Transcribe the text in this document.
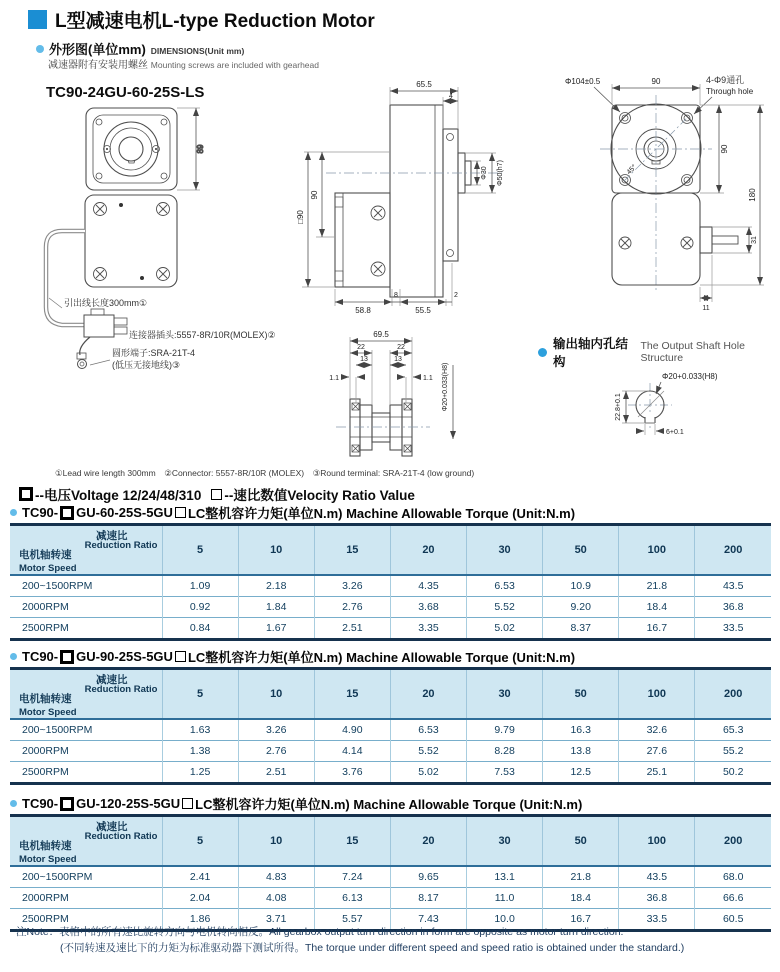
L型减速电机L-type Reduction Motor
外形图(单位mm) DIMENSIONS(Unit mm)
减速器附有安装用螺丝 Mounting screws are included with gearhead
TC90-24GU-60-25S-LS
89
引出线长度300mm①
连接器插头:5557-8R/10R(MOLEX)②
圆形端子:SRA-21T-4
(低压无接地线)③
65.5
4
Φ30 Φ50(h7)
90
□90
58.8
8
55.5
2
45°
Φ104±0.5	90	4-Φ9通孔
Through hole
90
180
31
11
69.5
22	22
13	13
1.1	1.1 Φ20+0.033(H8)	Φ20+0.033(H8)
22.8+0.1
6+0.1
输出轴内孔结构
The Output Shaft Hole Structure
①Lead wire length 300mm　②Connector: 5557-8R/10R (MOLEX)　③Round terminal: SRA-21T-4 (low ground)
--电压Voltage 12/24/48/310 --速比数值Velocity Ratio Value
TC90- GU-60-25S-5GU LC整机容许力矩(单位N.m) Machine Allowable Torque (Unit:N.m)
减速比
Reduction Ratio
电机轴转速
Motor Speed	5	10	15	20	30	50	100	200
200~1500RPM	1.09	2.18	3.26	4.35	6.53	10.9	21.8	43.5
2000RPM	0.92	1.84	2.76	3.68	5.52	9.20	18.4	36.8
2500RPM	0.84	1.67	2.51	3.35	5.02	8.37	16.7	33.5
TC90- GU-90-25S-5GU LC整机容许力矩(单位N.m) Machine Allowable Torque (Unit:N.m)
减速比
Reduction Ratio
电机轴转速
Motor Speed	5	10	15	20	30	50	100	200
200~1500RPM	1.63	3.26	4.90	6.53	9.79	16.3	32.6	65.3
2000RPM	1.38	2.76	4.14	5.52	8.28	13.8	27.6	55.2
2500RPM	1.25	2.51	3.76	5.02	7.53	12.5	25.1	50.2
TC90- GU-120-25S-5GU LC整机容许力矩(单位N.m) Machine Allowable Torque (Unit:N.m)
减速比
Reduction Ratio
电机轴转速
Motor Speed	5	10	15	20	30	50	100	200
200~1500RPM	2.41	4.83	7.24	9.65	13.1	21.8	43.5	68.0
2000RPM	2.04	4.08	6.13	8.17	11.0	18.4	36.8	66.6
2500RPM	1.86	3.71	5.57	7.43	10.0	16.7	33.5	60.5
注Note：表格中的所有速比旋转方向与电机转向相反。All gearbox output turn direction in form are opposite as motor turn direction.
(不同转速及速比下的力矩为标准驱动器下测试所得。The torque under different speed and speed ratio is obtained under the standard.)
